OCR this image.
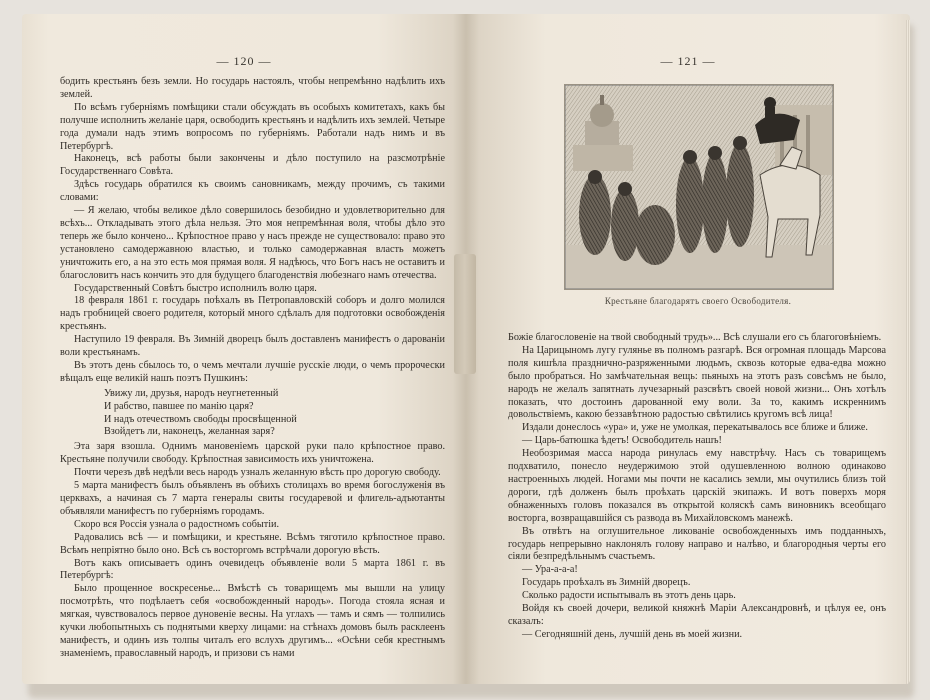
— 120 —

бодить крестьянъ безъ земли. Но государь настоялъ, чтобы непремѣнно надѣлить ихъ землей.

По всѣмъ губерніямъ помѣщики стали обсуждать въ особыхъ комитетахъ, какъ бы получше исполнить желаніе царя, освободить крестьянъ и надѣлить ихъ землей. Четыре года думали надъ этимъ вопросомъ по губерніямъ. Работали надъ нимъ и въ Петербургѣ.

Наконецъ, всѣ работы были закончены и дѣло поступило на разсмотрѣніе Государственнаго Совѣта.

Здѣсь государь обратился къ своимъ сановникамъ, между прочимъ, съ такими словами:

— Я желаю, чтобы великое дѣло совершилось безобидно и удовлетворительно для всѣхъ... Откладывать этого дѣла нельзя. Это моя непремѣнная воля, чтобы дѣло это теперь же было кончено... Крѣпостное право у насъ прежде не существовало: право это установлено самодержавною властью, и только самодержавная власть можетъ уничтожить его, а на это есть моя прямая воля. Я надѣюсь, что Богъ насъ не оставитъ и благословитъ насъ кончить это для будущего благоденствія любезнаго намъ отечества.

Государственный Совѣтъ быстро исполнилъ волю царя.

18 февраля 1861 г. государь поѣхалъ въ Петропавловскій соборъ и долго молился надъ гробницей своего родителя, который много сдѣлалъ для подготовки освобожденія крестьянъ.

Наступило 19 февраля. Въ Зимній дворецъ былъ доставленъ манифестъ о дарованіи воли крестьянамъ.

Въ этотъ день сбылось то, о чемъ мечтали лучшіе русскіе люди, о чемъ пророчески вѣщалъ еще великій нашъ поэтъ Пушкинъ:

Увижу ли, друзья, народъ неугнетенный
И рабство, павшее по манію царя?
И надъ отечествомъ свободы просвѣщенной
Взойдетъ ли, наконецъ, желанная заря?

Эта заря взошла. Однимъ мановеніемъ царской руки пало крѣпостное право. Крестьяне получили свободу. Крѣпостная зависимость ихъ уничтожена.

Почти черезъ двѣ недѣли весь народъ узналъ желанную вѣсть про дорогую свободу.

5 марта манифестъ былъ объявленъ въ обѣихъ столицахъ во время богослуженія въ церквахъ, а начиная съ 7 марта генералы свиты государевой и флигель-адъютанты объявляли манифестъ по губерніямъ городамъ.

Скоро вся Россія узнала о радостномъ событіи.

Радовались всѣ — и помѣщики, и крестьяне. Всѣмъ тяготило крѣпостное право. Всѣмъ непріятно было оно. Всѣ съ восторгомъ встрѣчали дорогую вѣсть.

Вотъ какъ описываетъ одинъ очевидецъ объявленіе воли 5 марта 1861 г. въ Петербургѣ:

Было прощенное воскресенье... Вмѣстѣ съ товарищемъ мы вышли на улицу посмотрѣть, что подѣлаетъ себя «освобожденный народъ». Погода стояла ясная и мягкая, чувствовалось первое дуновеніе весны. На углахъ — тамъ и сямъ — толпились кучки любопытныхъ съ поднятыми кверху лицами: на стѣнахъ домовъ былъ расклеенъ манифестъ, и одинъ изъ толпы читалъ его вслухъ другимъ... «Осѣни себя крестнымъ знаменіемъ, православный народъ, и призови съ нами

— 121 —
Крестьяне благодарятъ своего Освободителя.

Божіе благословеніе на твой свободный трудъ»... Всѣ слушали его съ благоговѣніемъ.

На Царицыномъ лугу гулянье въ полномъ разгарѣ. Вся огромная площадь Марсова поля кишѣла празднично-разряженными людьмъ, сквозь которые едва-едва можно было пробраться. Но замѣчательная вещь: пьяныхъ на этотъ разъ совсѣмъ не было, народъ не желалъ запятнать лучезарный разсвѣтъ своей новой жизни... Онъ хотѣлъ показать, что достоинъ дарованной ему воли. За то, какимъ искреннимъ довольствіемъ, какою беззавѣтною радостью свѣтились кругомъ всѣ лица!

Издали донеслось «ура» и, уже не умолкая, перекатывалось все ближе и ближе.

— Царь-батюшка ѣдетъ! Освободитель нашъ!

Необозримая масса народа ринулась ему навстрѣчу. Насъ съ товарищемъ подхватило, понесло неудержимою этой одушевленною волною одинаково настроенныхъ людей. Ногами мы почти не касались земли, мы очутились близъ той дороги, гдѣ долженъ былъ проѣхать царскій экипажъ. И вотъ поверхъ моря обнаженныхъ головъ показался въ открытой коляскѣ самъ виновникъ всеобщаго восторга, возвращавшійся съ развода въ Михайловскомъ манежѣ.

Въ отвѣтъ на оглушительное ликованіе освобожденныхъ имъ подданныхъ, государь непрерывно наклонялъ голову направо и налѣво, и благородныя черты его сіяли безпредѣльнымъ счастьемъ.

— Ура-а-а-а!

Государь проѣхалъ въ Зимній дворецъ.

Сколько радости испытывалъ въ этотъ день царь.

Войдя къ своей дочери, великой княжнѣ Маріи Александровнѣ, и цѣлуя ее, онъ сказалъ:

— Сегодняшній день, лучшій день въ моей жизни.
